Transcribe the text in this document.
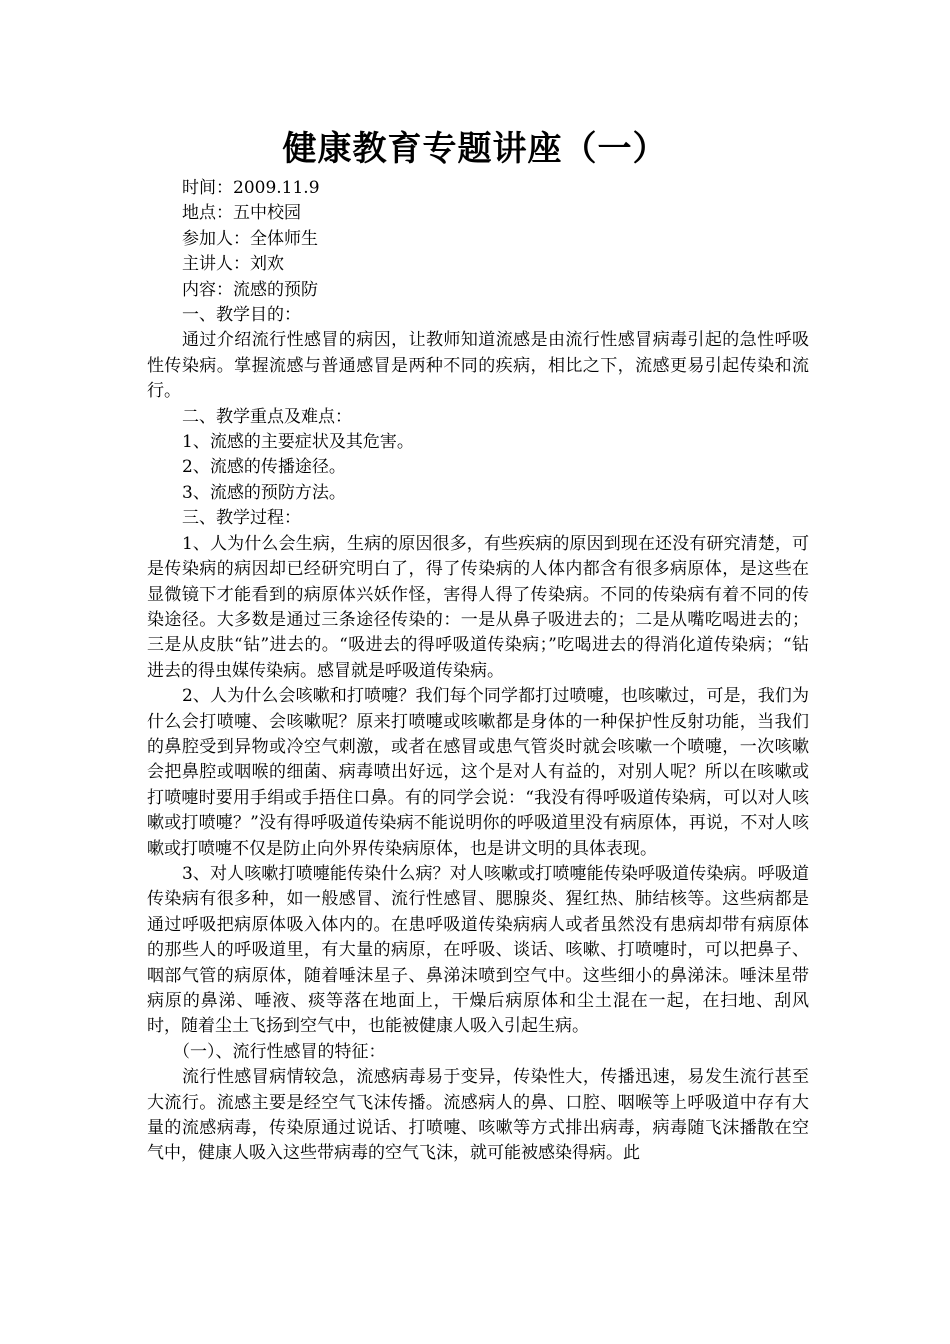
健康教育专题讲座（一）

时间：2009.11.9

地点：五中校园

参加人：全体师生

主讲人：刘欢

内容：流感的预防

一、教学目的：

通过介绍流行性感冒的病因，让教师知道流感是由流行性感冒病毒引起的急性呼吸性传染病。掌握流感与普通感冒是两种不同的疾病，相比之下，流感更易引起传染和流行。

二、教学重点及难点：

1、流感的主要症状及其危害。

2、流感的传播途径。

3、流感的预防方法。

三、教学过程：

1、人为什么会生病，生病的原因很多，有些疾病的原因到现在还没有研究清楚，可是传染病的病因却已经研究明白了，得了传染病的人体内都含有很多病原体，是这些在显微镜下才能看到的病原体兴妖作怪，害得人得了传染病。不同的传染病有着不同的传染途径。大多数是通过三条途径传染的：一是从鼻子吸进去的；二是从嘴吃喝进去的；三是从皮肤“钻”进去的。“吸进去的得呼吸道传染病；”吃喝进去的得消化道传染病；“钻进去的得虫媒传染病。感冒就是呼吸道传染病。

2、人为什么会咳嗽和打喷嚏？我们每个同学都打过喷嚏，也咳嗽过，可是，我们为什么会打喷嚏、会咳嗽呢？原来打喷嚏或咳嗽都是身体的一种保护性反射功能，当我们的鼻腔受到异物或冷空气刺激，或者在感冒或患气管炎时就会咳嗽一个喷嚏，一次咳嗽会把鼻腔或咽喉的细菌、病毒喷出好远，这个是对人有益的，对别人呢？所以在咳嗽或打喷嚏时要用手绢或手捂住口鼻。有的同学会说：“我没有得呼吸道传染病，可以对人咳嗽或打喷嚏？”没有得呼吸道传染病不能说明你的呼吸道里没有病原体，再说，不对人咳嗽或打喷嚏不仅是防止向外界传染病原体，也是讲文明的具体表现。

3、对人咳嗽打喷嚏能传染什么病？对人咳嗽或打喷嚏能传染呼吸道传染病。呼吸道传染病有很多种，如一般感冒、流行性感冒、腮腺炎、猩红热、肺结核等。这些病都是通过呼吸把病原体吸入体内的。在患呼吸道传染病病人或者虽然没有患病却带有病原体的那些人的呼吸道里，有大量的病原，在呼吸、谈话、咳嗽、打喷嚏时，可以把鼻子、咽部气管的病原体，随着唾沫星子、鼻涕沫喷到空气中。这些细小的鼻涕沫。唾沫星带病原的鼻涕、唾液、痰等落在地面上，干燥后病原体和尘土混在一起，在扫地、刮风时，随着尘土飞扬到空气中，也能被健康人吸入引起生病。

（一）、流行性感冒的特征：

流行性感冒病情较急，流感病毒易于变异，传染性大，传播迅速，易发生流行甚至大流行。流感主要是经空气飞沫传播。流感病人的鼻、口腔、咽喉等上呼吸道中存有大量的流感病毒，传染原通过说话、打喷嚏、咳嗽等方式排出病毒，病毒随飞沫播散在空气中，健康人吸入这些带病毒的空气飞沫，就可能被感染得病。此
